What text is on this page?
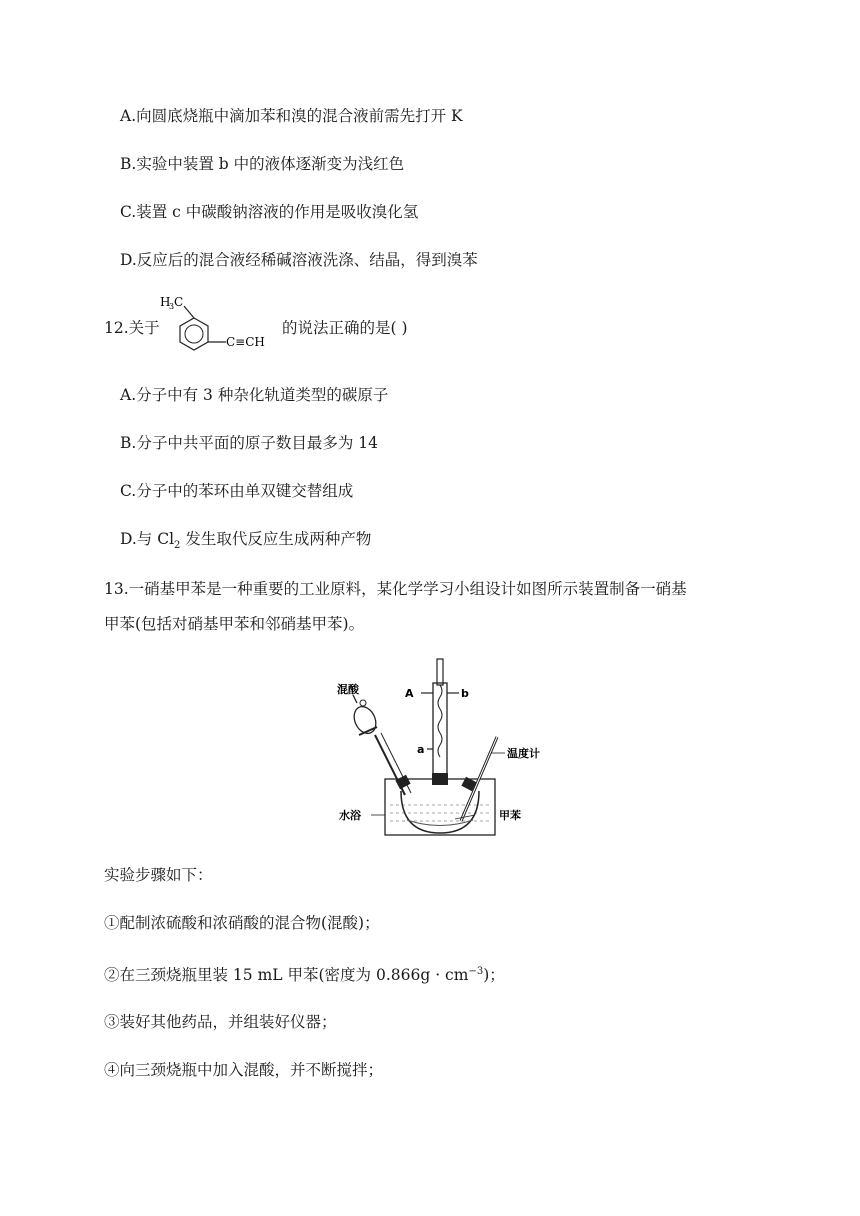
A.向圆底烧瓶中滴加苯和溴的混合液前需先打开 K
B.实验中装置 b 中的液体逐渐变为浅红色
C.装置 c 中碳酸钠溶液的作用是吸收溴化氢
D.反应后的混合液经稀碱溶液洗涤、结晶，得到溴苯
12.关于
H
3 C
C≡CH
的说法正确的是( )
A.分子中有 3 种杂化轨道类型的碳原子
B.分子中共平面的原子数目最多为 14
C.分子中的苯环由单双键交替组成
D.与 $Cl_2$ 发生取代反应生成两种产物
13.一硝基甲苯是一种重要的工业原料，某化学学习小组设计如图所示装置制备一硝基
甲苯(包括对硝基甲苯和邻硝基甲苯)。
混酸	A	b
a	温度计
水浴	甲苯
实验步骤如下：
①配制浓硫酸和浓硝酸的混合物(混酸)；
②在三颈烧瓶里装 15 mL 甲苯(密度为 $0.866g \cdot cm^{-3}$)；
③装好其他药品，并组装好仪器；
④向三颈烧瓶中加入混酸，并不断搅拌；
